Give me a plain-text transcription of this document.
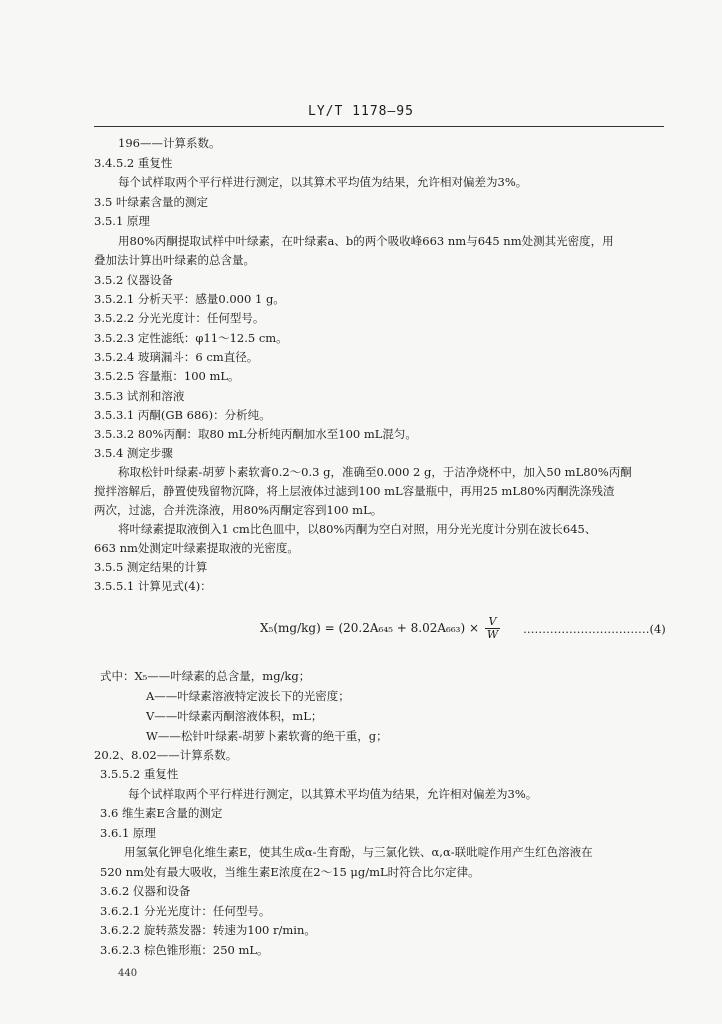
LY/T 1178—95
196——计算系数。
3.4.5.2 重复性
每个试样取两个平行样进行测定，以其算术平均值为结果，允许相对偏差为3%。
3.5 叶绿素含量的测定
3.5.1 原理
用80%丙酮提取试样中叶绿素，在叶绿素a、b的两个吸收峰663 nm与645 nm处测其光密度，用
叠加法计算出叶绿素的总含量。
3.5.2 仪器设备
3.5.2.1 分析天平：感量0.000 1 g。
3.5.2.2 分光光度计：任何型号。
3.5.2.3 定性滤纸：φ11～12.5 cm。
3.5.2.4 玻璃漏斗：6 cm直径。
3.5.2.5 容量瓶：100 mL。
3.5.3 试剂和溶液
3.5.3.1 丙酮(GB 686)：分析纯。
3.5.3.2 80%丙酮：取80 mL分析纯丙酮加水至100 mL混匀。
3.5.4 测定步骤
称取松针叶绿素-胡萝卜素软膏0.2～0.3 g，准确至0.000 2 g，于洁净烧杯中，加入50 mL80%丙酮
搅拌溶解后，静置使残留物沉降，将上层液体过滤到100 mL容量瓶中，再用25 mL80%丙酮洗涤残渣
两次，过滤，合并洗涤液，用80%丙酮定容到100 mL。
将叶绿素提取液倒入1 cm比色皿中，以80%丙酮为空白对照，用分光光度计分别在波长645、
663 nm处测定叶绿素提取液的光密度。
3.5.5 测定结果的计算
3.5.5.1 计算见式(4)：
$X_5(mg/kg) = (20.2A_{645} + 8.02A_{663}) \times \frac{V}{W}$ ……………………………(4)
式中：X₅——叶绿素的总含量，mg/kg；
A——叶绿素溶液特定波长下的光密度；
V——叶绿素丙酮溶液体积，mL；
W——松针叶绿素-胡萝卜素软膏的绝干重，g；
20.2、8.02——计算系数。
3.5.5.2 重复性
每个试样取两个平行样进行测定，以其算术平均值为结果，允许相对偏差为3%。
3.6 维生素E含量的测定
3.6.1 原理
用氢氧化钾皂化维生素E，使其生成α-生育酚，与三氯化铁、α,α-联吡啶作用产生红色溶液在
520 nm处有最大吸收，当维生素E浓度在2～15 μg/mL时符合比尔定律。
3.6.2 仪器和设备
3.6.2.1 分光光度计：任何型号。
3.6.2.2 旋转蒸发器：转速为100 r/min。
3.6.2.3 棕色锥形瓶：250 mL。
440
